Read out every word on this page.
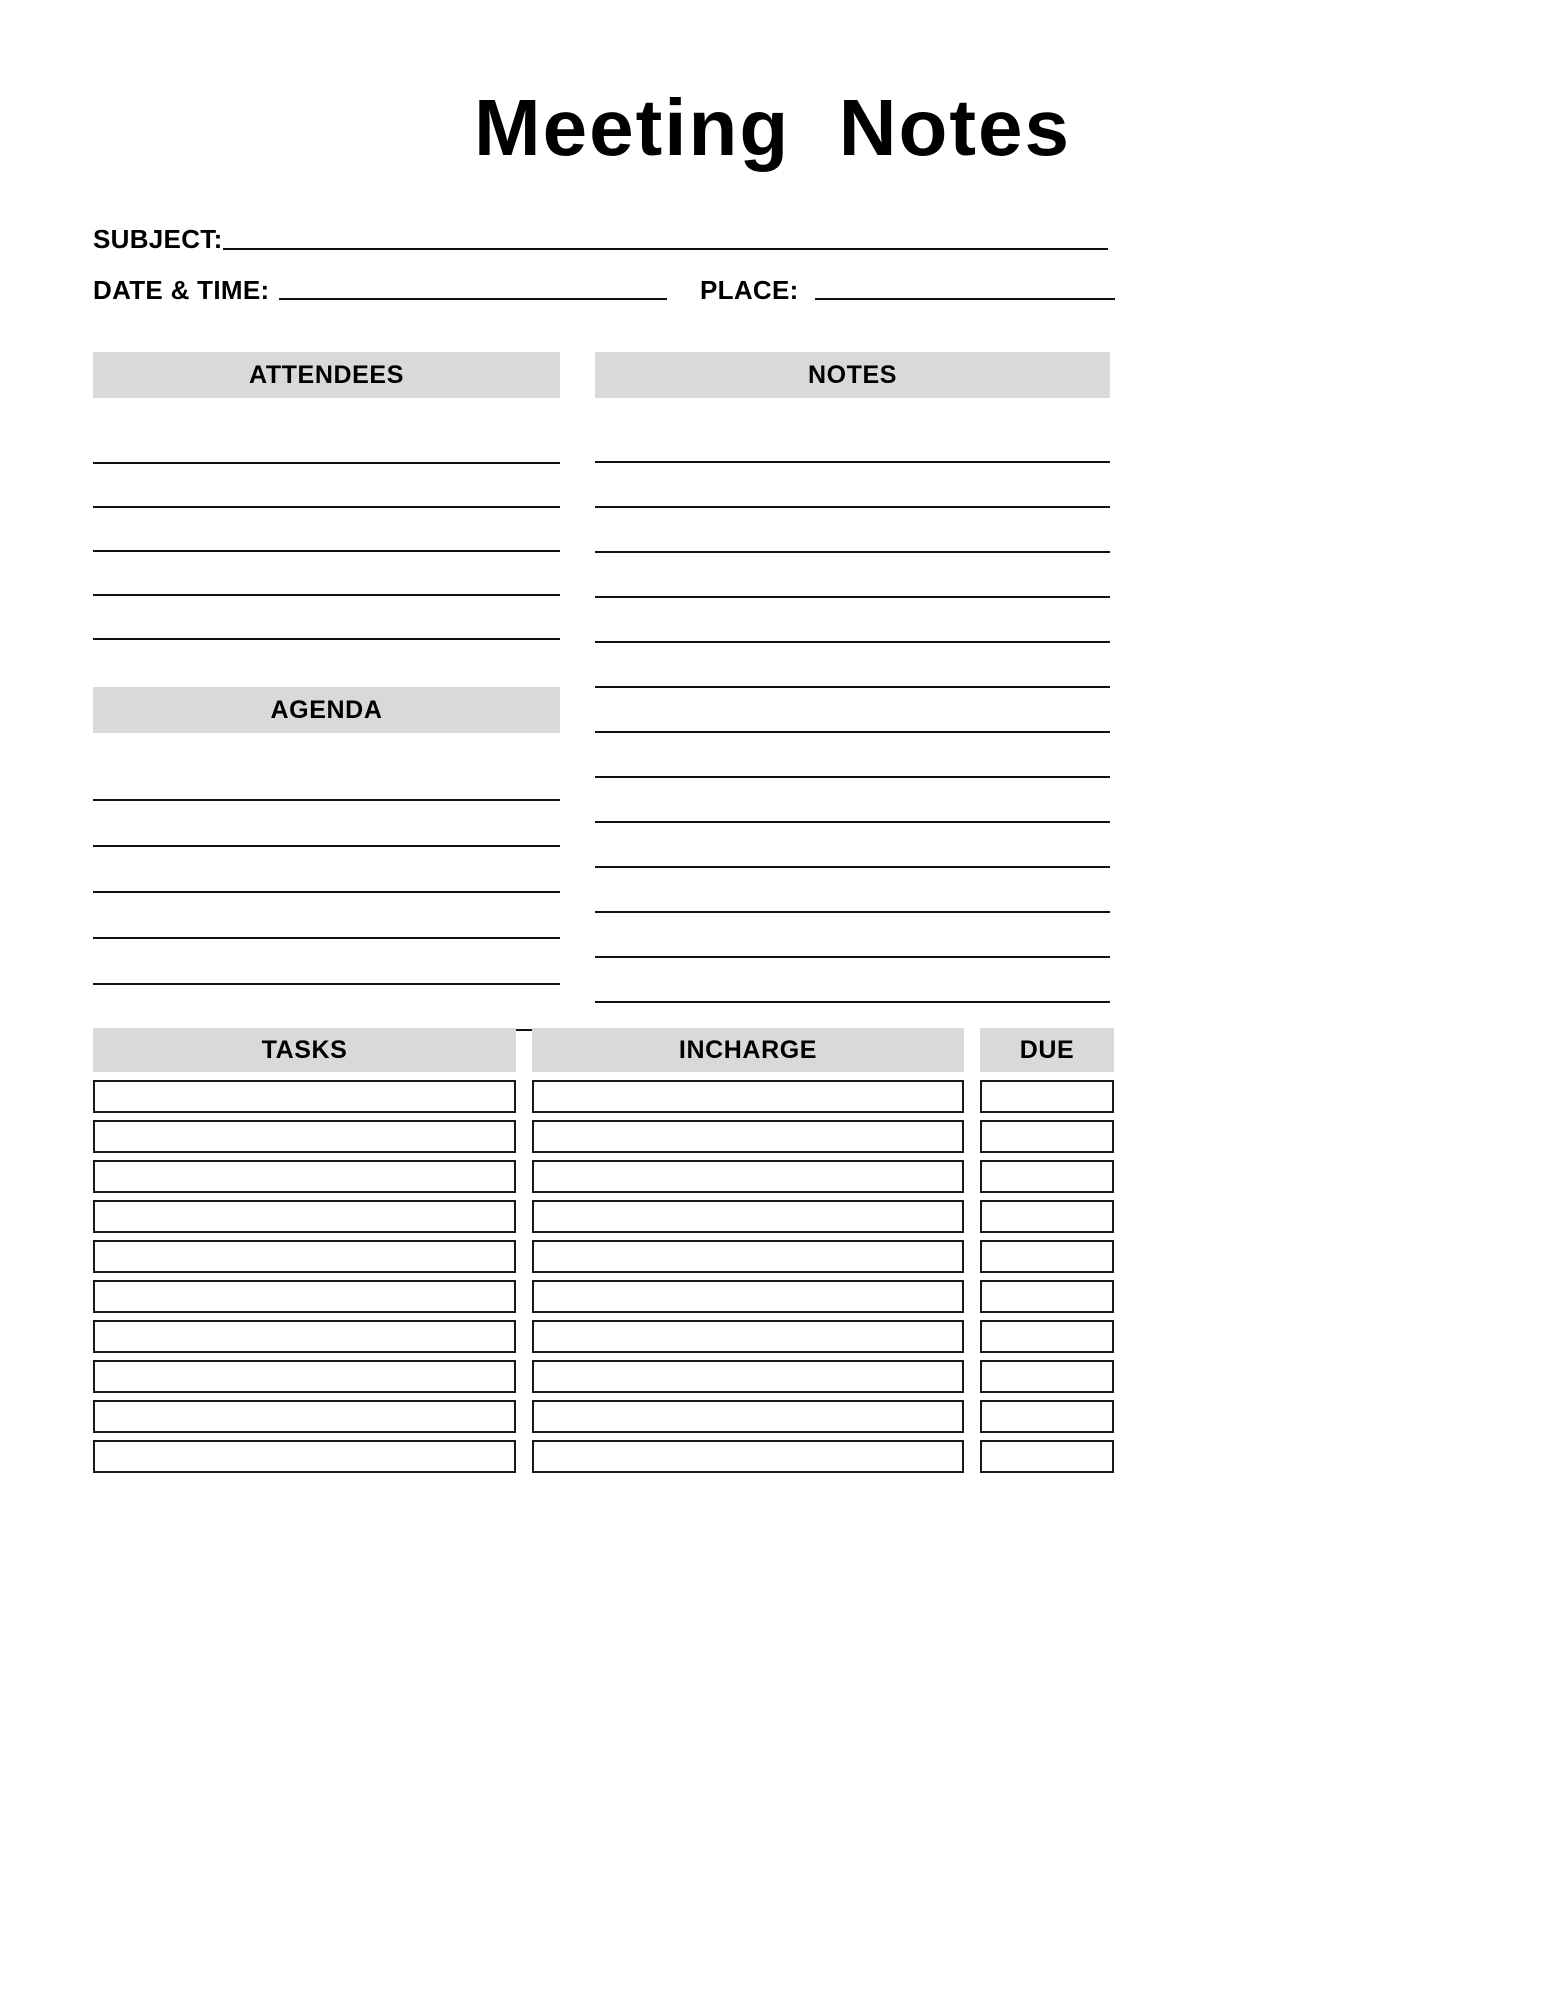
Meeting  Notes
SUBJECT:
DATE & TIME:	PLACE:
ATTENDEES
AGENDA
NOTES
TASKS	INCHARGE	DUE
